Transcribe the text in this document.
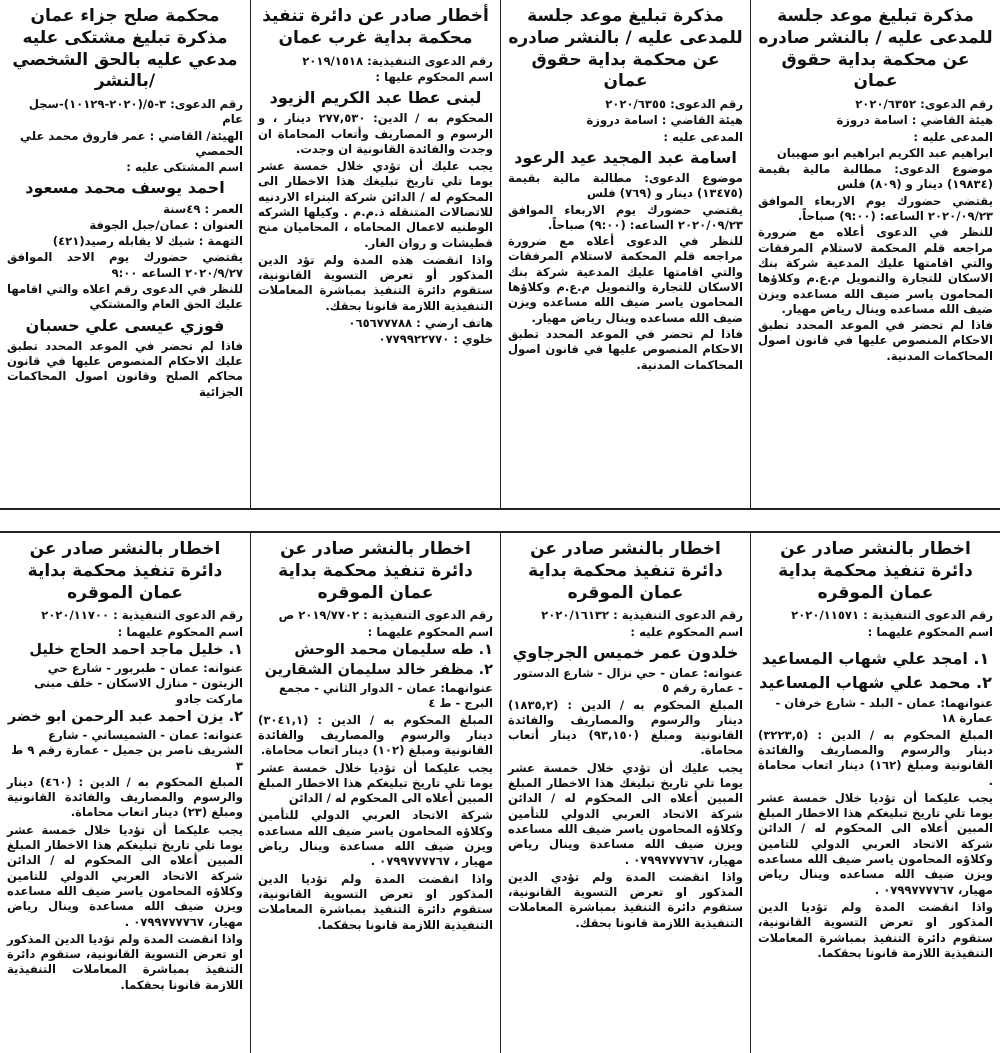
مذكرة تبليغ موعد جلسة للمدعى عليه / بالنشر صادره عن محكمة بداية حقوق عمان
رقم الدعوى: ٢٠٢٠/٦٣٥٢
هيئة القاضي : اسامة دروزة
المدعى عليه :
ابراهيم عبد الكريم ابراهيم ابو صهيبان
موضوع الدعوى: مطالبة مالية بقيمة (١٩٨٣٤) دينار و (٨٠٩) فلس
يقتضي حضورك يوم الاربعاء الموافق ٢٠٢٠/٠٩/٢٣ الساعه: (٩:٠٠) صباحاً.
للنظر في الدعوى أعلاه مع ضرورة مراجعه قلم المحكمة لاستلام المرفقات والتي اقامتها عليك المدعية شركة بنك الاسكان للتجارة والتمويل م.ع.م وكلاؤها المحامون ياسر ضيف الله مساعده ويزن ضيف الله مساعده وينال رياض مهيار.
فاذا لم تحضر في الموعد المحدد تطبق الاحكام المنصوص عليها في قانون اصول المحاكمات المدنية.
مذكرة تبليغ موعد جلسة للمدعى عليه / بالنشر صادره عن محكمة بداية حقوق عمان
رقم الدعوى: ٢٠٢٠/٦٣٥٥
هيئة القاضي : اسامة دروزة
المدعى عليه :
اسامة عبد المجيد عيد الرعود
موضوع الدعوى: مطالبة مالية بقيمة (١٣٤٧٥) دينار و (٧٦٩) فلس
يقتضي حضورك يوم الاربعاء الموافق ٢٠٢٠/٠٩/٢٣ الساعه: (٩:٠٠) صباحاً.
للنظر في الدعوى أعلاه مع ضرورة مراجعه قلم المحكمة لاستلام المرفقات والتي اقامتها عليك المدعية شركة بنك الاسكان للتجارة والتمويل م.ع.م وكلاؤها المحامون ياسر ضيف الله مساعده ويزن ضيف الله مساعده وينال رياض مهيار.
فاذا لم تحضر في الموعد المحدد تطبق الاحكام المنصوص عليها في قانون اصول المحاكمات المدنية.
أخطار صادر عن دائرة تنفيذ محكمة بداية غرب عمان
رقم الدعوى التنفيذية: ٢٠١٩/١٥١٨
اسم المحكوم عليها :
لبنى عطا عبد الكريم الزيود
المحكوم به / الدين: ٢٧٧,٥٣٠ دينار ، و الرسوم و المصاريف وأتعاب المحاماة ان وجدت والفائدة القانونية ان وجدت.
يجب عليك أن تؤدي خلال خمسة عشر يوما تلي تاريخ تبليغك هذا الاخطار الى المحكوم له / الدائن شركة البتراء الاردنيه للاتصالات المتنقله ذ.م.م . وكيلها الشركه الوطنيه لاعمال المحاماه ، المحاميان منح قطيشات و روان الغار.
واذا انقضت هذه المدة ولم تؤد الدين المذكور أو تعرض التسوية القانونية، ستقوم دائرة التنفيذ بمباشرة المعاملات التنفيذية اللازمة قانونا بحقك.
هاتف ارضي : ٠٦٥٦٧٧٧٨٨
خلوي : ٠٧٧٩٩٢٢٧٧٠
محكمة صلح جزاء عمان مذكرة تبليغ مشتكى عليه مدعي عليه بالحق الشخصي /بالنشر
رقم الدعوى: ٣-٥/(٢٠٢٠-١٠١٢٩)-سجل عام
الهيئة/ القاضي : عمر فاروق محمد علي الحمصي
اسم المشتكى عليه :
احمد يوسف محمد مسعود
العمر : ٤٩سنة
العنوان : عمان/جبل الجوفة
التهمة : شيك لا يقابله رصيد(٤٢١)
يقتضي حضورك يوم الاحد الموافق ٢٠٢٠/٩/٢٧ الساعه ٩:٠٠
للنظر في الدعوى رقم اعلاه والتي اقامها عليك الحق العام والمشتكي
فوزي عيسى علي حسبان
فاذا لم تحضر في الموعد المحدد تطبق عليك الاحكام المنصوص عليها في قانون محاكم الصلح وقانون اصول المحاكمات الجزائية
اخطار بالنشر صادر عن دائرة تنفيذ محكمة بداية عمان الموقره
رقم الدعوى التنفيذية : ٢٠٢٠/١١٥٧١
اسم المحكوم عليهما :
١. امجد علي شهاب المساعيد
٢. محمد علي شهاب المساعيد
عنوانهما: عمان - البلد - شارع خرفان - عمارة ١٨
المبلغ المحكوم به / الدين : (٣٢٢٣,٥) دينار والرسوم والمصاريف والفائدة القانونية ومبلغ (١٦٢) دينار اتعاب محاماة .
يجب عليكما أن تؤديا خلال خمسة عشر يوما تلي تاريخ تبليغكم هذا الاخطار المبلغ المبين أعلاه الى المحكوم له / الدائن شركة الاتحاد العربي الدولي للتامين وكلاؤه المحامون ياسر ضيف الله مساعده ويزن ضيف الله مساعده وينال رياض مهيار، ٠٧٩٩٧٧٧٧٦٧ .
واذا انقضت المدة ولم تؤديا الدين المذكور او تعرض التسوية القانونية، ستقوم دائرة التنفيذ بمباشرة المعاملات التنفيذية اللازمة قانونا بحقكما.
اخطار بالنشر صادر عن دائرة تنفيذ محكمة بداية عمان الموقره
رقم الدعوى التنفيذية : ٢٠٢٠/١٦١٣٢
اسم المحكوم عليه :
خلدون عمر خميس الجرجاوي
عنوانه: عمان - حي نزال - شارع الدستور - عمارة رقم ٥
المبلغ المحكوم به / الدين : (١٨٣٥,٢) دينار والرسوم والمصاريف والفائدة القانونية ومبلغ (٩٣,١٥٠) دينار أتعاب محاماة.
يجب عليك أن تؤدي خلال خمسة عشر يوما تلي تاريخ تبليغك هذا الاخطار المبلغ المبين أعلاه الى المحكوم له / الدائن شركة الاتحاد العربي الدولي للتأمين وكلاؤه المحامون ياسر ضيف الله مساعده ويزن ضيف الله مساعدة وينال رياض مهيار، ٠٧٩٩٧٧٧٧٦٧ .
واذا انقضت المدة ولم تؤدي الدين المذكور او تعرض التسوية القانونية، ستقوم دائرة التنفيذ بمباشرة المعاملات التنفيذية اللازمة قانونا بحقك.
اخطار بالنشر صادر عن دائرة تنفيذ محكمة بداية عمان الموقره
رقم الدعوى التنفيذية : ٢٠١٩/٧٧٠٢ ص
اسم المحكوم عليهما :
١. طه سليمان محمد الوحش
٢. مظفر خالد سليمان الشقارين
عنوانهما: عمان - الدوار الثاني - مجمع البرج - ط ٤
المبلغ المحكوم به / الدين : (٣٠٤١,١) دينار والرسوم والمصاريف والفائدة القانونية ومبلغ (١٠٢) دينار اتعاب محاماة.
يجب عليكما أن تؤديا خلال خمسة عشر يوما تلي تاريخ تبليغكم هذا الاخطار المبلغ المبين أعلاه الى المحكوم له / الدائن
شركة الاتحاد العربي الدولي للتأمين وكلاؤه المحامون ياسر ضيف الله مساعده ويزن ضيف الله مساعدة وينال رياض مهيار ، ٠٧٩٩٧٧٧٧٦٧ .
واذا انقضت المدة ولم تؤديا الدين المذكور او تعرض التسوية القانونية، ستقوم دائرة التنفيذ بمباشرة المعاملات التنفيذية اللازمة قانونا بحقكما.
اخطار بالنشر صادر عن دائرة تنفيذ محكمة بداية عمان الموقره
رقم الدعوى التنفيذية : ٢٠٢٠/١١٧٠٠
اسم المحكوم عليهما :
١. خليل ماجد احمد الحاج خليل
عنوانه: عمان - طبربور - شارع حي الزيتون - منازل الاسكان - خلف مبنى ماركت جادو
٢. يزن احمد عبد الرحمن ابو خضر
عنوانه: عمان - الشميساني - شارع الشريف ناصر بن جميل - عمارة رقم ٩ ط ٣
المبلغ المحكوم به / الدين : (٤٦٠) دينار والرسوم والمصاريف والفائدة القانونية ومبلغ (٢٣) دينار اتعاب محاماة.
يجب عليكما أن تؤديا خلال خمسة عشر يوما تلي تاريخ تبليغكم هذا الاخطار المبلغ المبين أعلاه الى المحكوم له / الدائن شركة الاتحاد العربي الدولي للتامين وكلاؤه المحامون ياسر ضيف الله مساعده ويزن ضيف الله مساعدة وينال رياض مهيار، ٠٧٩٩٧٧٧٧٦٧ .
واذا انقضت المدة ولم تؤديا الدين المذكور او تعرض التسوية القانونية، ستقوم دائرة التنفيذ بمباشرة المعاملات التنفيذية اللازمة قانونا بحقكما.
